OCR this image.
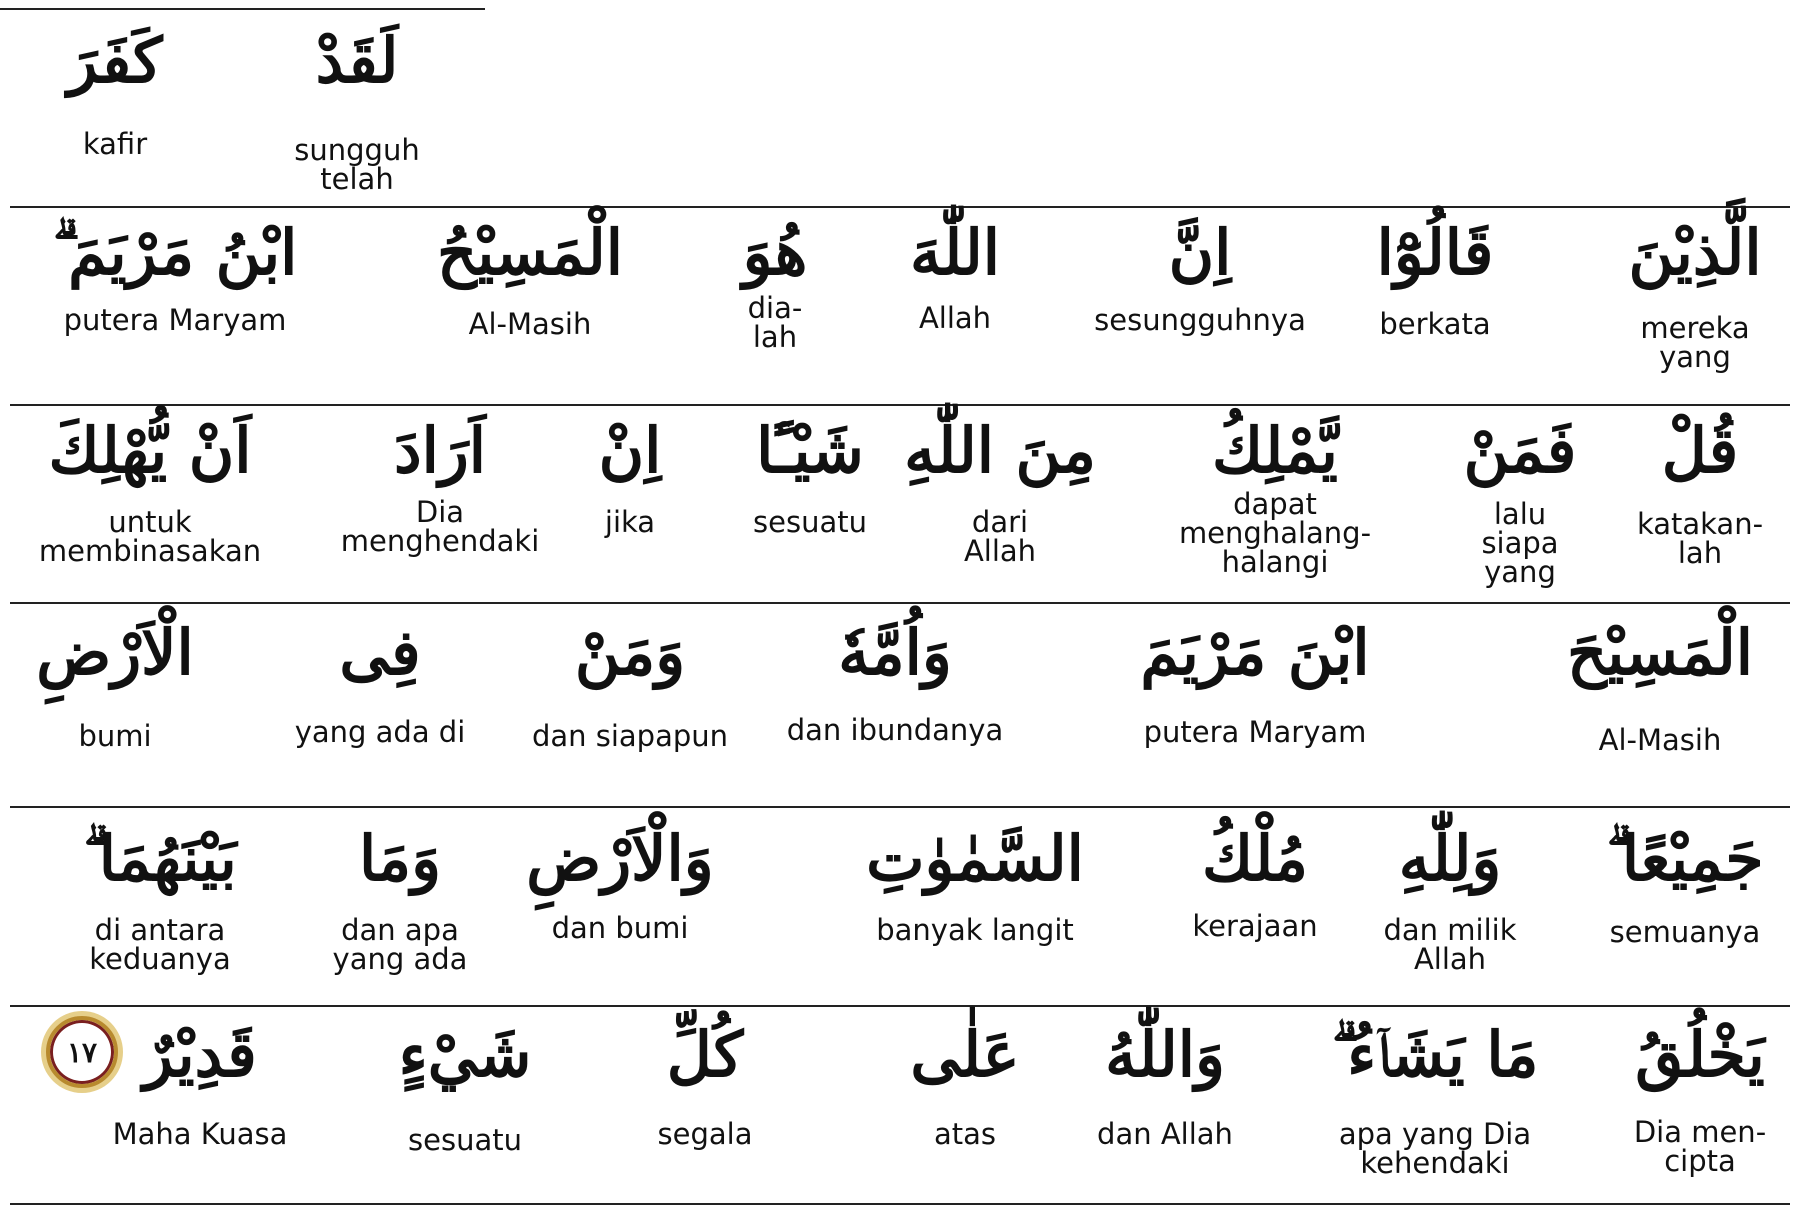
لَقَدْ
sungguh
telah
كَفَرَ
kafir
الَّذِيْنَ
mereka
yang
قَالُوْٓا
berkata
اِنَّ
sesungguhnya
اللّٰهَ
Allah
هُوَ
dia-
lah
الْمَسِيْحُ
Al-Masih
ابْنُ مَرْيَمَ ۗ
putera Maryam
قُلْ
katakan-
lah
فَمَنْ
lalu
siapa
yang
يَّمْلِكُ
dapat
menghalang-
halangi
مِنَ اللّٰهِ
dari
Allah
شَيْـًٔا
sesuatu
اِنْ
jika
اَرَادَ
Dia
menghendaki
اَنْ يُّهْلِكَ
untuk
membinasakan
الْمَسِيْحَ
Al-Masih
ابْنَ مَرْيَمَ
putera Maryam
وَاُمَّهٗ
dan ibundanya
وَمَنْ
dan siapapun
فِى
yang ada di
الْاَرْضِ
bumi
جَمِيْعًا ۗ
semuanya
وَلِلّٰهِ
dan milik
Allah
مُلْكُ
kerajaan
السَّمٰوٰتِ
banyak langit
وَالْاَرْضِ
dan bumi
وَمَا
dan apa
yang ada
بَيْنَهُمَا ۗ
di antara
keduanya
يَخْلُقُ
Dia men-
cipta
مَا يَشَاۤءُ ۗ
apa yang Dia
kehendaki
وَاللّٰهُ
dan Allah
عَلٰى
atas
كُلِّ
segala
شَيْءٍ
sesuatu
قَدِيْرٌ
Maha Kuasa
١٧
